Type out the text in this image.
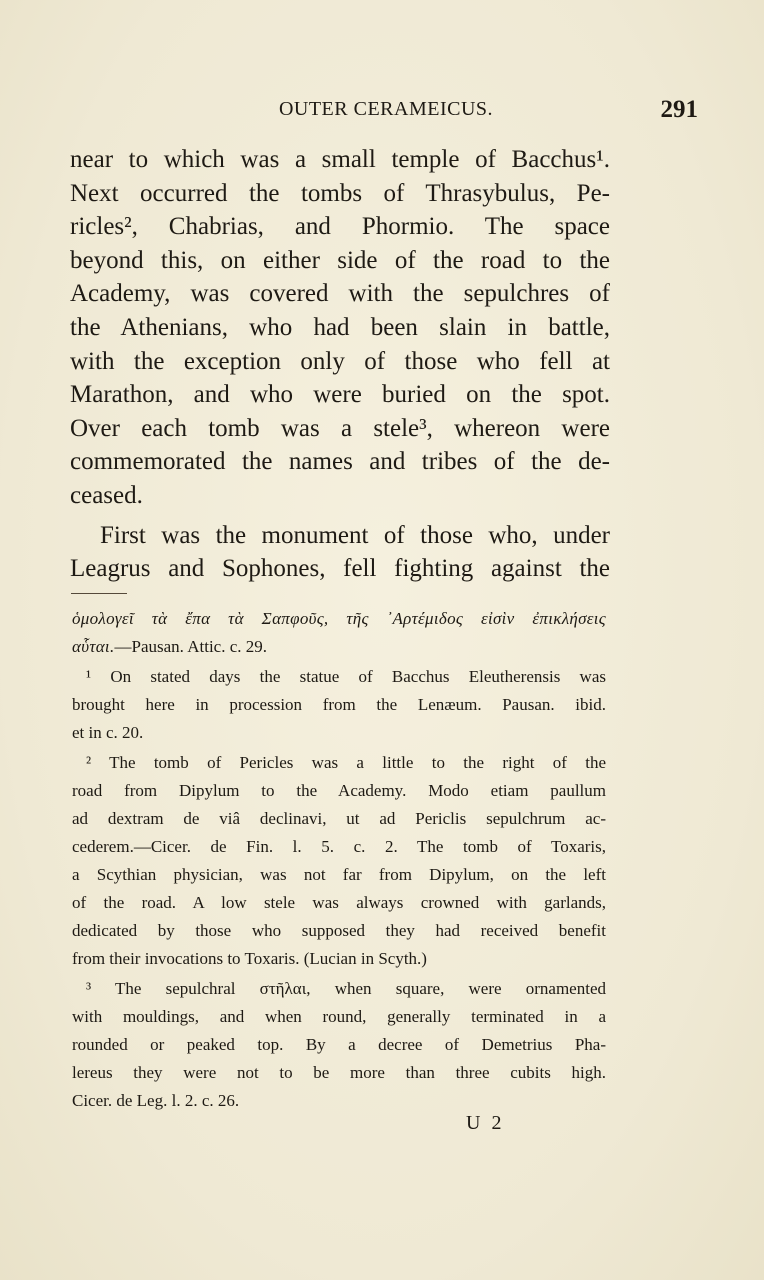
OUTER CERAMEICUS.	291
near to which was a small temple of Bacchus¹.
Next occurred the tombs of Thrasybulus, Pe-
ricles², Chabrias, and Phormio. The space
beyond this, on either side of the road to the
Academy, was covered with the sepulchres of
the Athenians, who had been slain in battle,
with the exception only of those who fell at
Marathon, and who were buried on the spot.
Over each tomb was a stele³, whereon were
commemorated the names and tribes of the de-
ceased.
First was the monument of those who, under
Leagrus and Sophones, fell fighting against the
ὁμολογεῖ τὰ ἔπα τὰ Σαπφοῦς, τῆς ᾿Αρτέμιδος εἰσὶν ἐπικλήσεις
αὗται.—Pausan. Attic. c. 29.
¹ On stated days the statue of Bacchus Eleutherensis was
brought here in procession from the Lenæum. Pausan. ibid.
et in c. 20.
² The tomb of Pericles was a little to the right of the
road from Dipylum to the Academy. Modo etiam paullum
ad dextram de viâ declinavi, ut ad Periclis sepulchrum ac-
cederem.—Cicer. de Fin. l. 5. c. 2. The tomb of Toxaris,
a Scythian physician, was not far from Dipylum, on the left
of the road. A low stele was always crowned with garlands,
dedicated by those who supposed they had received benefit
from their invocations to Toxaris. (Lucian in Scyth.)
³ The sepulchral στῆλαι, when square, were ornamented
with mouldings, and when round, generally terminated in a
rounded or peaked top. By a decree of Demetrius Pha-
lereus they were not to be more than three cubits high.
Cicer. de Leg. l. 2. c. 26.
U 2
